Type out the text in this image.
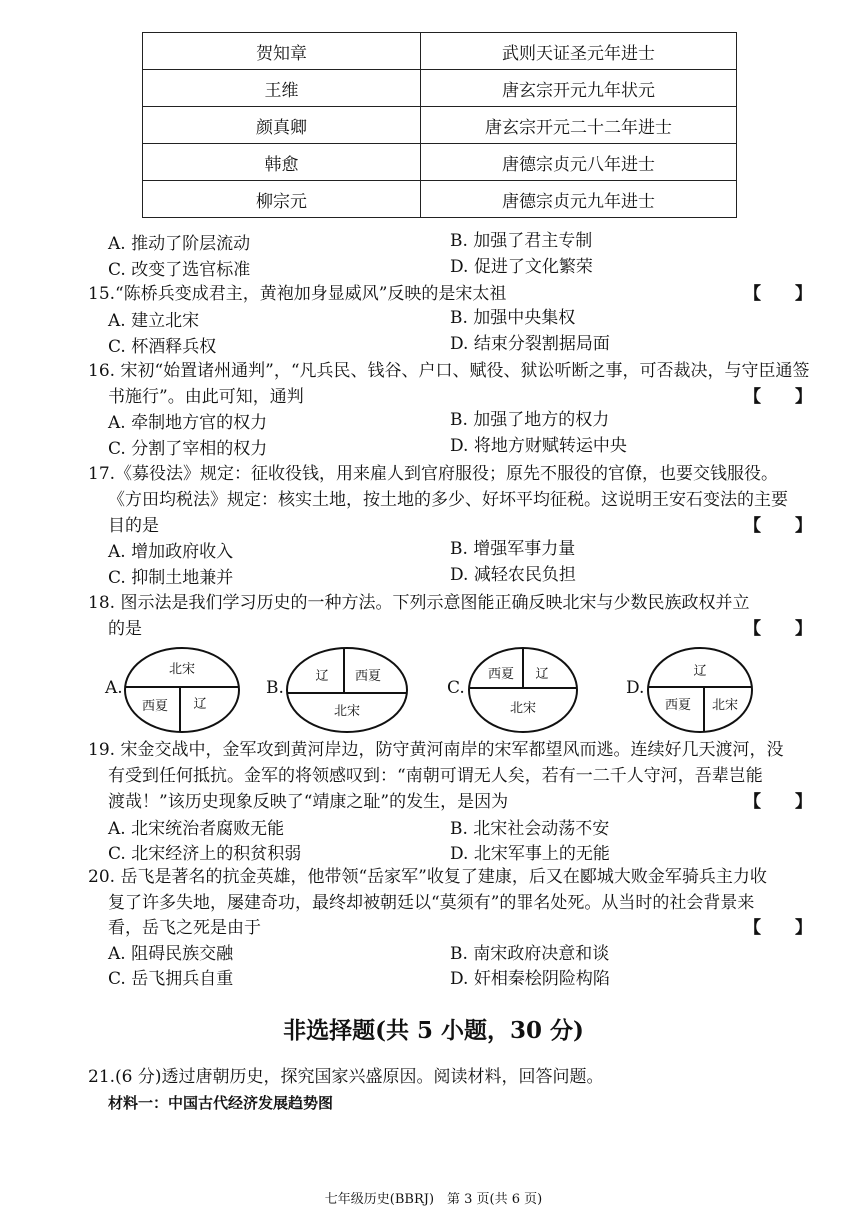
贺知章	武则天证圣元年进士
王维	唐玄宗开元九年状元
颜真卿	唐玄宗开元二十二年进士
韩愈	唐德宗贞元八年进士
柳宗元	唐德宗贞元九年进士
A. 推动了阶层流动	B. 加强了君主专制
C. 改变了选官标准	D. 促进了文化繁荣
15.“陈桥兵变成君主，黄袍加身显威风”反映的是宋太祖	【　　】
A. 建立北宋	B. 加强中央集权
C. 杯酒释兵权	D. 结束分裂割据局面
16. 宋初“始置诸州通判”，“凡兵民、钱谷、户口、赋役、狱讼听断之事，可否裁决，与守臣通签
书施行”。由此可知，通判	【　　】
A. 牵制地方官的权力	B. 加强了地方的权力
C. 分割了宰相的权力	D. 将地方财赋转运中央
17.《募役法》规定：征收役钱，用来雇人到官府服役；原先不服役的官僚，也要交钱服役。
《方田均税法》规定：核实土地，按土地的多少、好坏平均征税。这说明王安石变法的主要
目的是	【　　】
A. 增加政府收入	B. 增强军事力量
C. 抑制土地兼并	D. 减轻农民负担
18. 图示法是我们学习历史的一种方法。下列示意图能正确反映北宋与少数民族政权并立
的是	【　　】
A.
北宋
西夏 辽
B.
辽 西夏
北宋
C.
西夏 辽
北宋
D.
辽
西夏 北宋
19. 宋金交战中，金军攻到黄河岸边，防守黄河南岸的宋军都望风而逃。连续好几天渡河，没
有受到任何抵抗。金军的将领感叹到：“南朝可谓无人矣，若有一二千人守河，吾辈岂能
渡哉！”该历史现象反映了“靖康之耻”的发生，是因为	【　　】
A. 北宋统治者腐败无能	B. 北宋社会动荡不安
C. 北宋经济上的积贫积弱	D. 北宋军事上的无能
20. 岳飞是著名的抗金英雄，他带领“岳家军”收复了建康，后又在郾城大败金军骑兵主力收
复了许多失地，屡建奇功，最终却被朝廷以“莫须有”的罪名处死。从当时的社会背景来
看，岳飞之死是由于	【　　】
A. 阻碍民族交融	B. 南宋政府决意和谈
C. 岳飞拥兵自重	D. 奸相秦桧阴险构陷
非选择题(共 5 小题，30 分)
21.(6 分)透过唐朝历史，探究国家兴盛原因。阅读材料，回答问题。
材料一：中国古代经济发展趋势图
七年级历史(BBRJ)　第 3 页(共 6 页)
